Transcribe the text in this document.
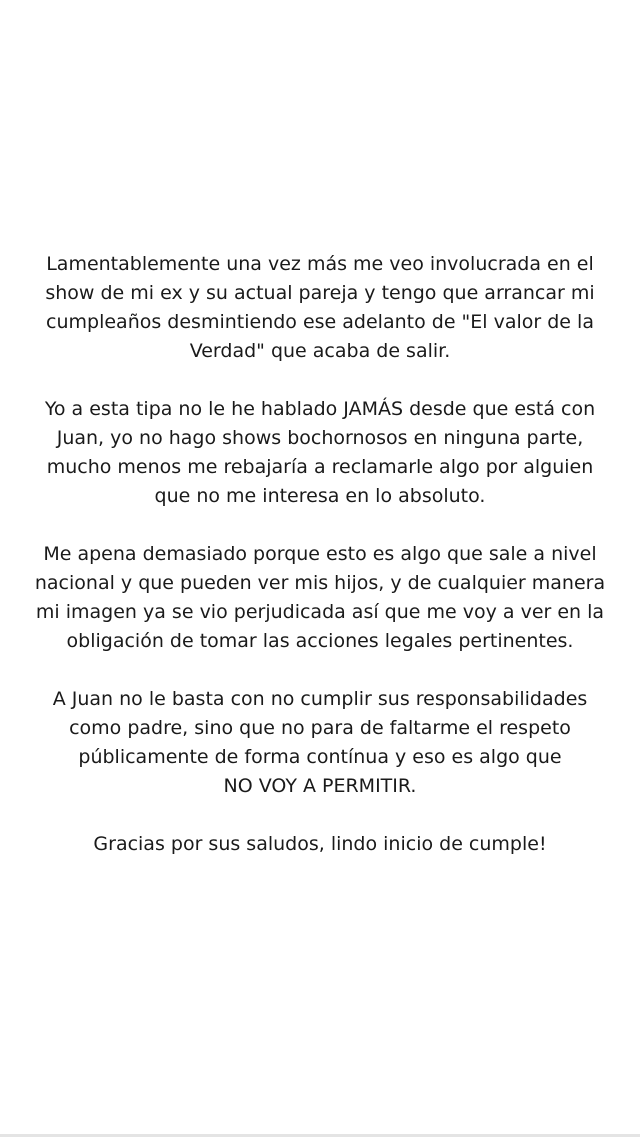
Lamentablemente una vez más me veo involucrada en el
show de mi ex y su actual pareja y tengo que arrancar mi
cumpleaños desmintiendo ese adelanto de "El valor de la
Verdad" que acaba de salir.

Yo a esta tipa no le he hablado JAMÁS desde que está con
Juan, yo no hago shows bochornosos en ninguna parte,
mucho menos me rebajaría a reclamarle algo por alguien
que no me interesa en lo absoluto.

Me apena demasiado porque esto es algo que sale a nivel
nacional y que pueden ver mis hijos, y de cualquier manera
mi imagen ya se vio perjudicada así que me voy a ver en la
obligación de tomar las acciones legales pertinentes.

A Juan no le basta con no cumplir sus responsabilidades
como padre, sino que no para de faltarme el respeto
públicamente de forma contínua y eso es algo que
NO VOY A PERMITIR.

Gracias por sus saludos, lindo inicio de cumple!
